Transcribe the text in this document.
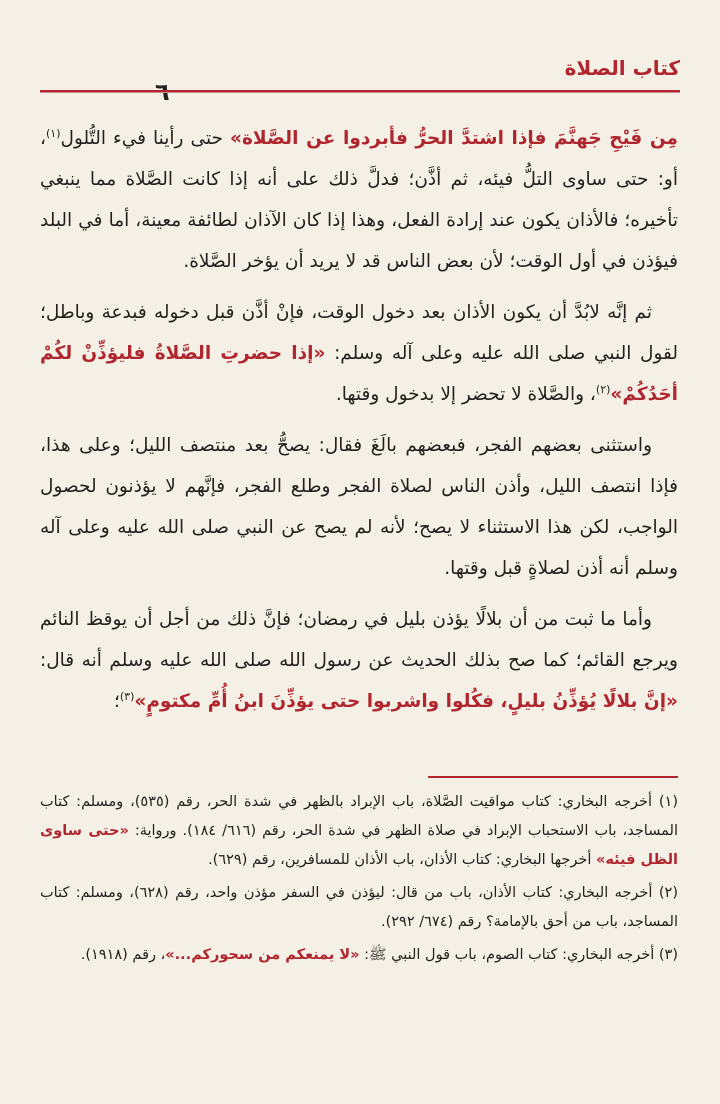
كتاب الصلاة

مِن فَيْحِ جَهنَّمَ فإذا اشتدَّ الحرُّ فأبردوا عن الصَّلاة» حتى رأينا فيء التُّلول$^{(١)}$، أو: حتى ساوى التلُّ فيئه، ثم أذَّن؛ فدلَّ ذلك على أنه إذا كانت الصَّلاة مما ينبغي تأخيره؛ فالأذان يكون عند إرادة الفعل، وهذا إذا كان الآذان لطائفة معينة، أما في البلد فيؤذن في أول الوقت؛ لأن بعض الناس قد لا يريد أن يؤخر الصَّلاة.

ثم إنَّه لابُدَّ أن يكون الأذان بعد دخول الوقت، فإنْ أذَّن قبل دخوله فبدعة وباطل؛ لقول النبي صلى الله عليه وعلى آله وسلم: «إذا حضرتِ الصَّلاةُ فليؤذِّنْ لكُمْ أحَدُكُمْ»$^{(٢)}$، والصَّلاة لا تحضر إلا بدخول وقتها.

واستثنى بعضهم الفجر، فبعضهم بالَغَ فقال: يصحُّ بعد منتصف الليل؛ وعلى هذا، فإذا انتصف الليل، وأذن الناس لصلاة الفجر وطلع الفجر، فإنَّهم لا يؤذنون لحصول الواجب، لكن هذا الاستثناء لا يصح؛ لأنه لم يصح عن النبي صلى الله عليه وعلى آله وسلم أنه أذن لصلاةٍ قبل وقتها.

وأما ما ثبت من أن بلالًا يؤذن بليل في رمضان؛ فإنَّ ذلك من أجل أن يوقظ النائم ويرجع القائم؛ كما صح بذلك الحديث عن رسول الله صلى الله عليه وسلم أنه قال: «إنَّ بلالًا يُؤذِّنُ بليلٍ، فكُلوا واشربوا حتى يؤذِّنَ ابنُ أُمِّ مكتومٍ»$^{(٣)}$؛

(١) أخرجه البخاري: كتاب مواقيت الصَّلاة، باب الإبراد بالظهر في شدة الحر، رقم (٥٣٥)، ومسلم: كتاب المساجد، باب الاستحباب الإبراد في صلاة الظهر في شدة الحر، رقم (٦١٦/ ١٨٤). ورواية: «حتى ساوى الظل فيئه» أخرجها البخاري: كتاب الأذان، باب الأذان للمسافرين، رقم (٦٢٩).

(٢) أخرجه البخاري: كتاب الأذان، باب من قال: ليؤذن في السفر مؤذن واحد، رقم (٦٢٨)، ومسلم: كتاب المساجد، باب من أحق بالإمامة؟ رقم (٦٧٤/ ٢٩٢).

(٣) أخرجه البخاري: كتاب الصوم، باب قول النبي ﷺ: «لا يمنعكم من سحوركم...»، رقم (١٩١٨).
